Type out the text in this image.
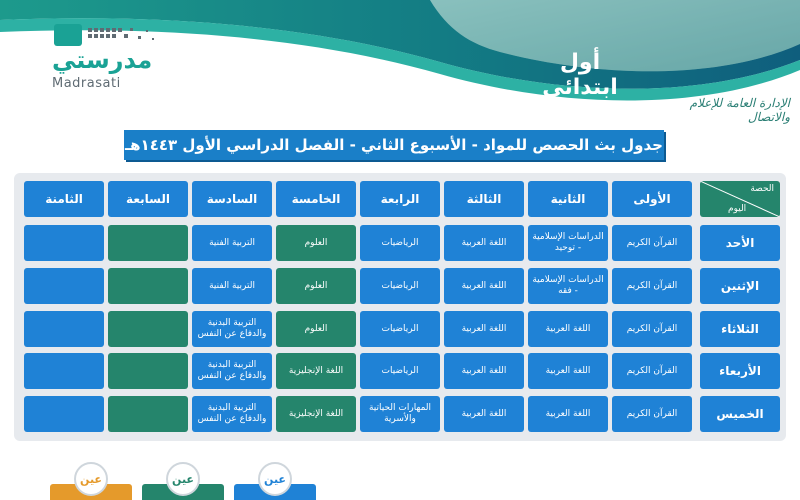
أول ابتدائي
مدرستي
Madrasati
الإدارة العامة للإعلام والاتصال
جدول بث الحصص للمواد - الأسبوع الثاني - الفصل الدراسي الأول ١٤٤٣هـ
الحصة
اليوم
الأولى
الثانية
الثالثة
الرابعة
الخامسة
السادسة
السابعة
الثامنة
الأحد
القرآن الكريم
الدراسات الإسلامية - توحيد
اللغة العربية
الرياضيات
العلوم
التربية الفنية
الإثنين
القرآن الكريم
الدراسات الإسلامية - فقه
اللغة العربية
الرياضيات
العلوم
التربية الفنية
الثلاثاء
القرآن الكريم
اللغة العربية
اللغة العربية
الرياضيات
العلوم
التربية البدنية والدفاع عن النفس
الأربعاء
القرآن الكريم
اللغة العربية
اللغة العربية
الرياضيات
اللغة الإنجليزية
التربية البدنية والدفاع عن النفس
الخميس
القرآن الكريم
اللغة العربية
اللغة العربية
المهارات الحياتية والأسرية
اللغة الإنجليزية
التربية البدنية والدفاع عن النفس
عين
عين
عين
